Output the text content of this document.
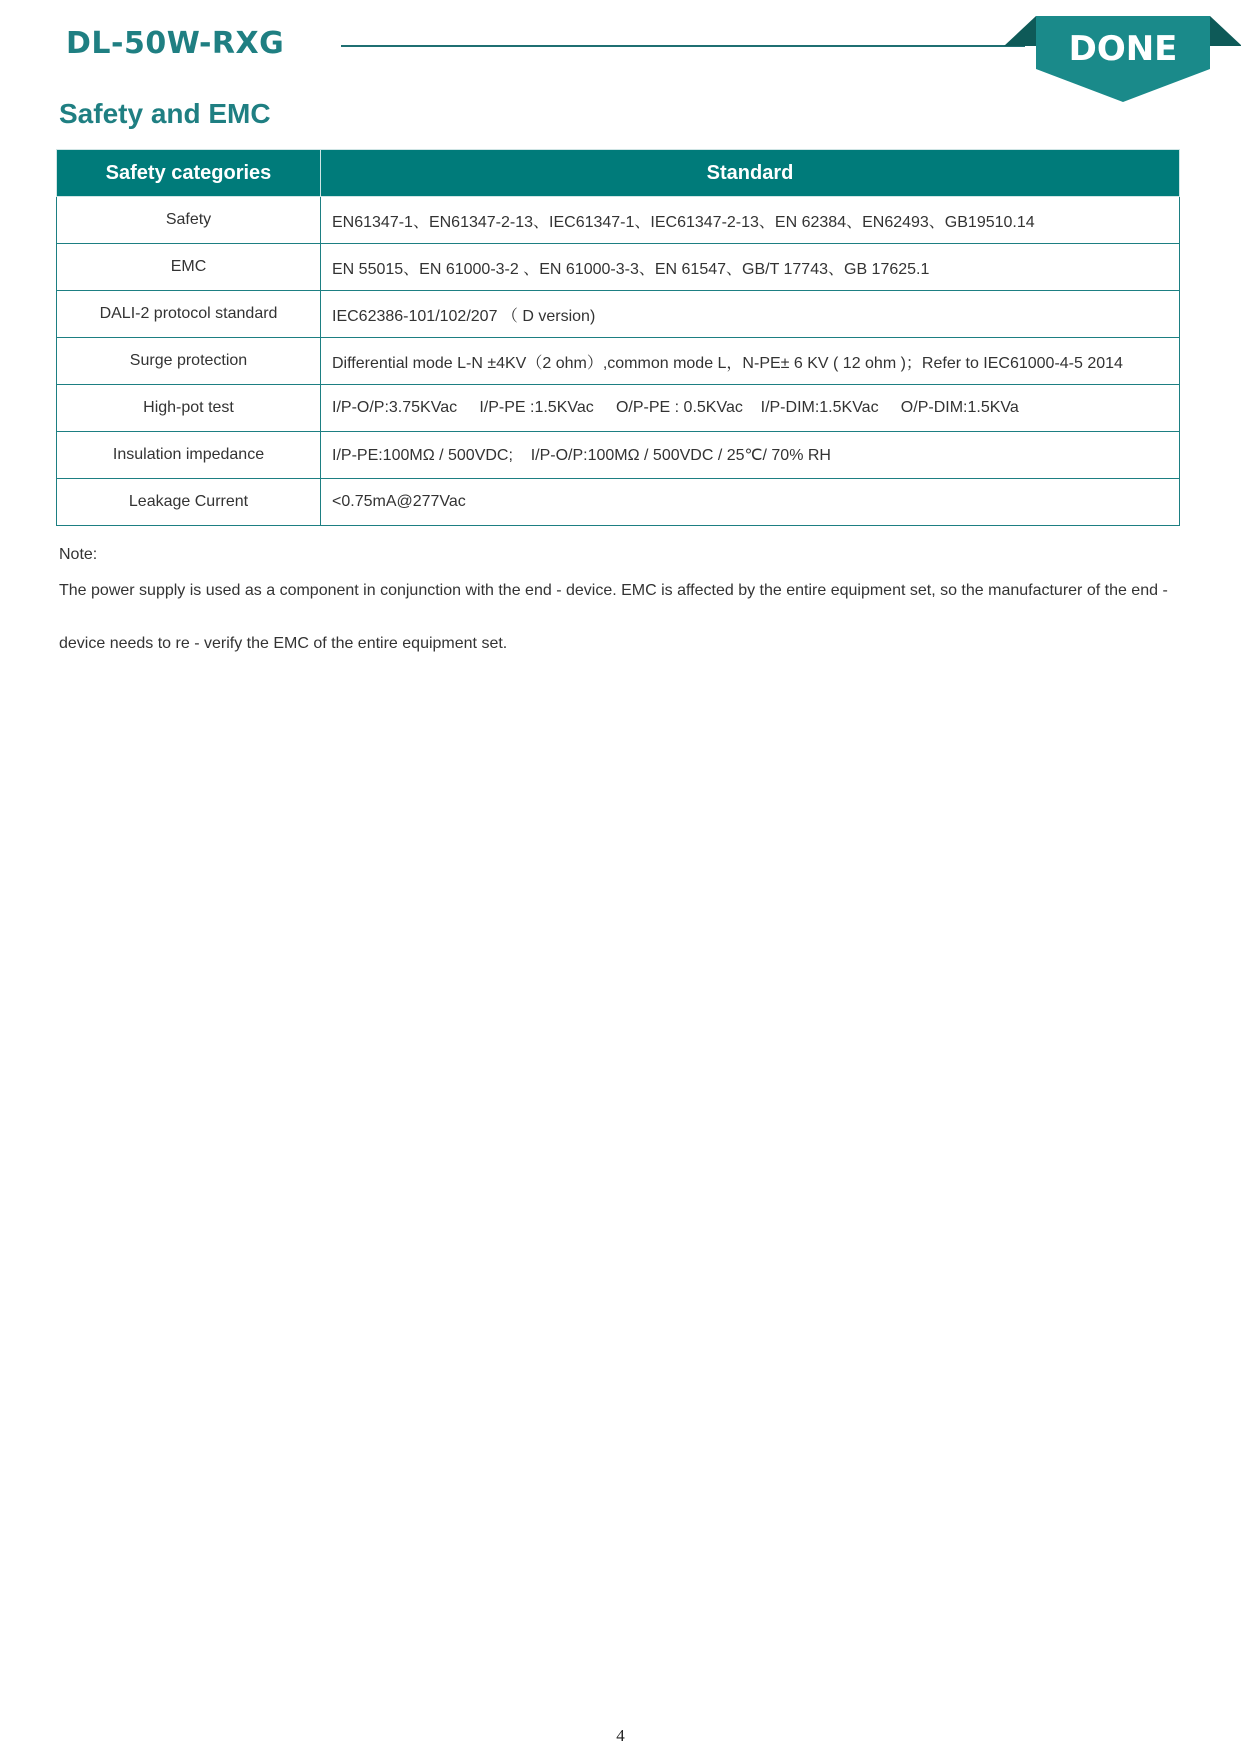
DL-50W-RXG	DONE
Safety and EMC
Safety categories	Standard
Safety	EN61347-1、EN61347-2-13、IEC61347-1、IEC61347-2-13、EN 62384、EN62493、GB19510.14
EMC	EN 55015、EN 61000-3-2 、EN 61000-3-3、EN 61547、GB/T 17743、GB 17625.1
DALI-2 protocol standard	IEC62386-101/102/207 （ D version)
Surge protection	Differential mode L-N ±4KV（2 ohm）,common mode L，N-PE± 6 KV ( 12 ohm )；Refer to IEC61000-4-5 2014
High-pot test	I/P-O/P:3.75KVac     I/P-PE :1.5KVac     O/P-PE : 0.5KVac    I/P-DIM:1.5KVac     O/P-DIM:1.5KVa
Insulation impedance	I/P-PE:100MΩ / 500VDC;    I/P-O/P:100MΩ / 500VDC / 25℃/ 70% RH
Leakage Current	<0.75mA@277Vac
Note:
The power supply is used as a component in conjunction with the end - device. EMC is affected by the entire equipment set, so the manufacturer of the end - device needs to re - verify the EMC of the entire equipment set.
4
